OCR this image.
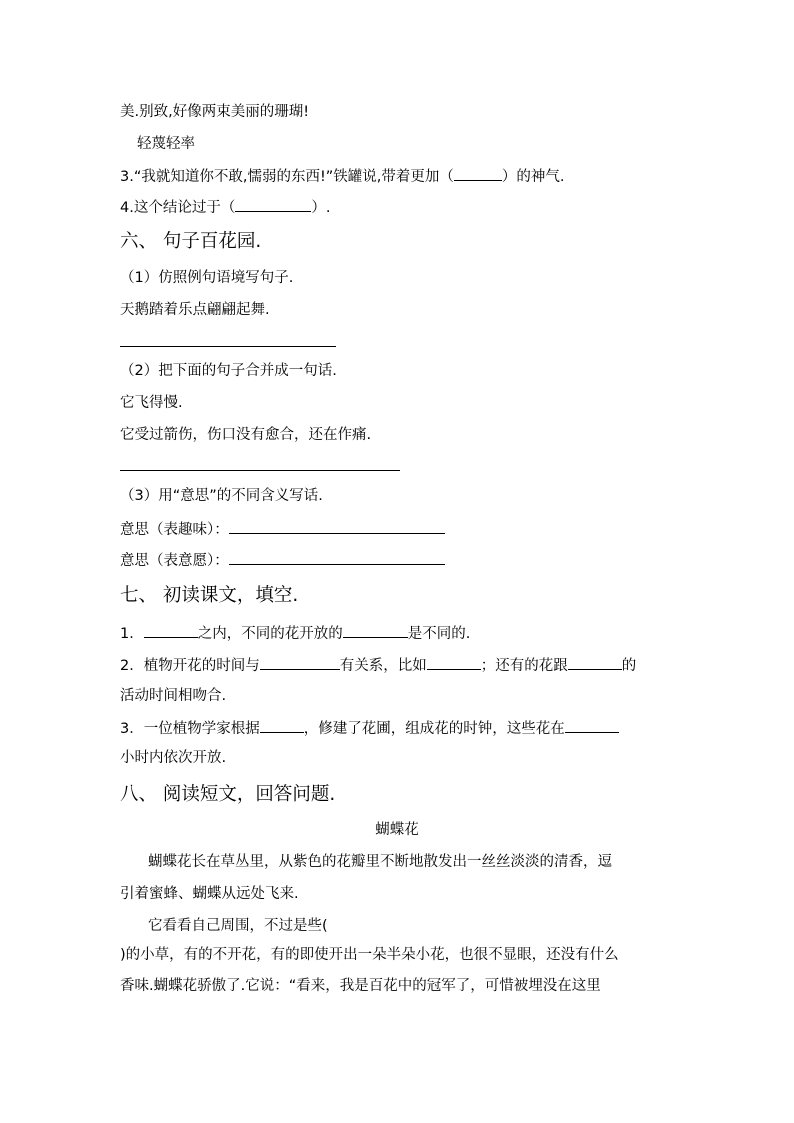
美.别致,好像两束美丽的珊瑚!
轻蔑轻率
3.“我就知道你不敢,懦弱的东西!”铁罐说,带着更加（	）的神气.
4.这个结论过于（	）.
六、 句子百花园.
（1）仿照例句语境写句子.
天鹅踏着乐点翩翩起舞.
（2）把下面的句子合并成一句话.
它飞得慢.
它受过箭伤，伤口没有愈合，还在作痛.
（3）用“意思”的不同含义写话.
意思（表趣味）：
意思（表意愿）：
七、 初读课文，填空.
1．	之内，不同的花开放的	是不同的.
2．植物开花的时间与	有关系，比如	；还有的花跟	的
活动时间相吻合.
3．一位植物学家根据	，修建了花圃，组成花的时钟，这些花在
小时内依次开放.
八、 阅读短文，回答问题.
蝴蝶花
蝴蝶花长在草丛里，从紫色的花瓣里不断地散发出一丝丝淡淡的清香，逗
引着蜜蜂、蝴蝶从远处飞来.
它看看自己周围，不过是些(
)的小草，有的不开花，有的即使开出一朵半朵小花，也很不显眼，还没有什么
香味.蝴蝶花骄傲了.它说：“看来，我是百花中的冠军了，可惜被埋没在这里
